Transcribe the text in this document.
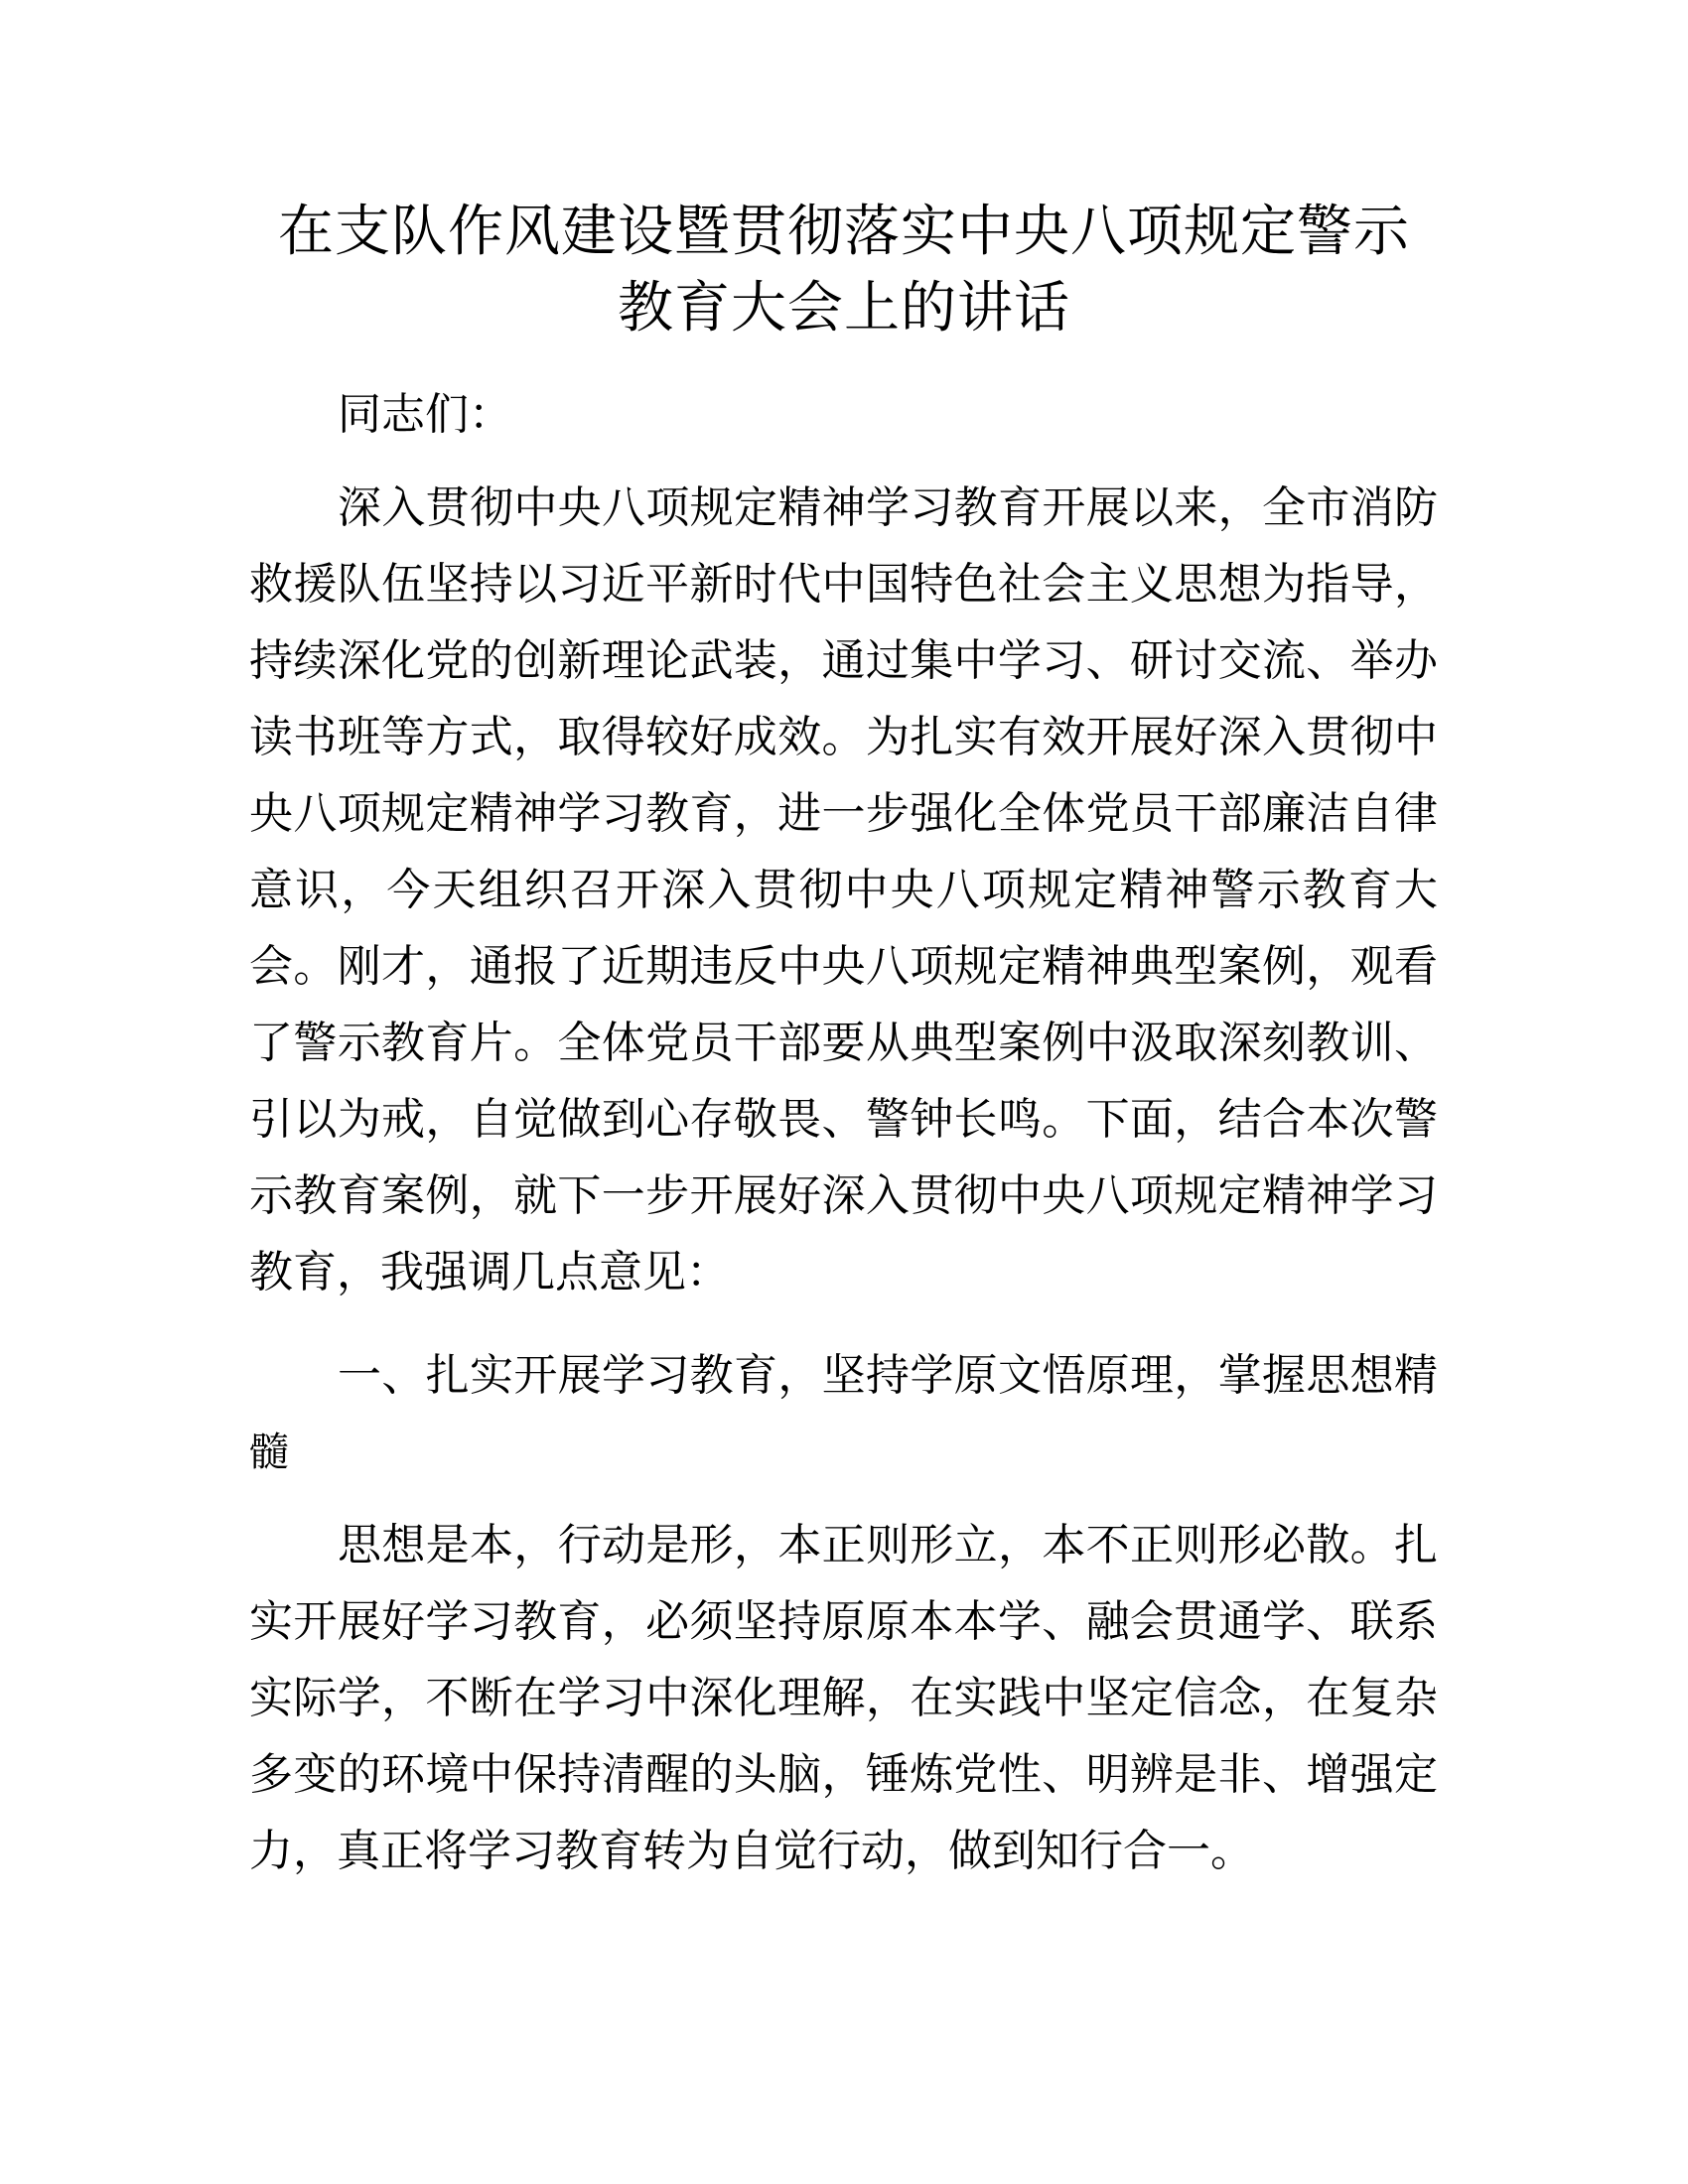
在支队作风建设暨贯彻落实中央八项规定警示
教育大会上的讲话
同志们：
深入贯彻中央八项规定精神学习教育开展以来，全市消防
救援队伍坚持以习近平新时代中国特色社会主义思想为指导，
持续深化党的创新理论武装，通过集中学习、研讨交流、举办
读书班等方式，取得较好成效。为扎实有效开展好深入贯彻中
央八项规定精神学习教育，进一步强化全体党员干部廉洁自律
意识，今天组织召开深入贯彻中央八项规定精神警示教育大
会。刚才，通报了近期违反中央八项规定精神典型案例，观看
了警示教育片。全体党员干部要从典型案例中汲取深刻教训、
引以为戒，自觉做到心存敬畏、警钟长鸣。下面，结合本次警
示教育案例，就下一步开展好深入贯彻中央八项规定精神学习
教育，我强调几点意见：
一、扎实开展学习教育，坚持学原文悟原理，掌握思想精
髓
思想是本，行动是形，本正则形立，本不正则形必散。扎
实开展好学习教育，必须坚持原原本本学、融会贯通学、联系
实际学，不断在学习中深化理解，在实践中坚定信念，在复杂
多变的环境中保持清醒的头脑，锤炼党性、明辨是非、增强定
力，真正将学习教育转为自觉行动，做到知行合一。
